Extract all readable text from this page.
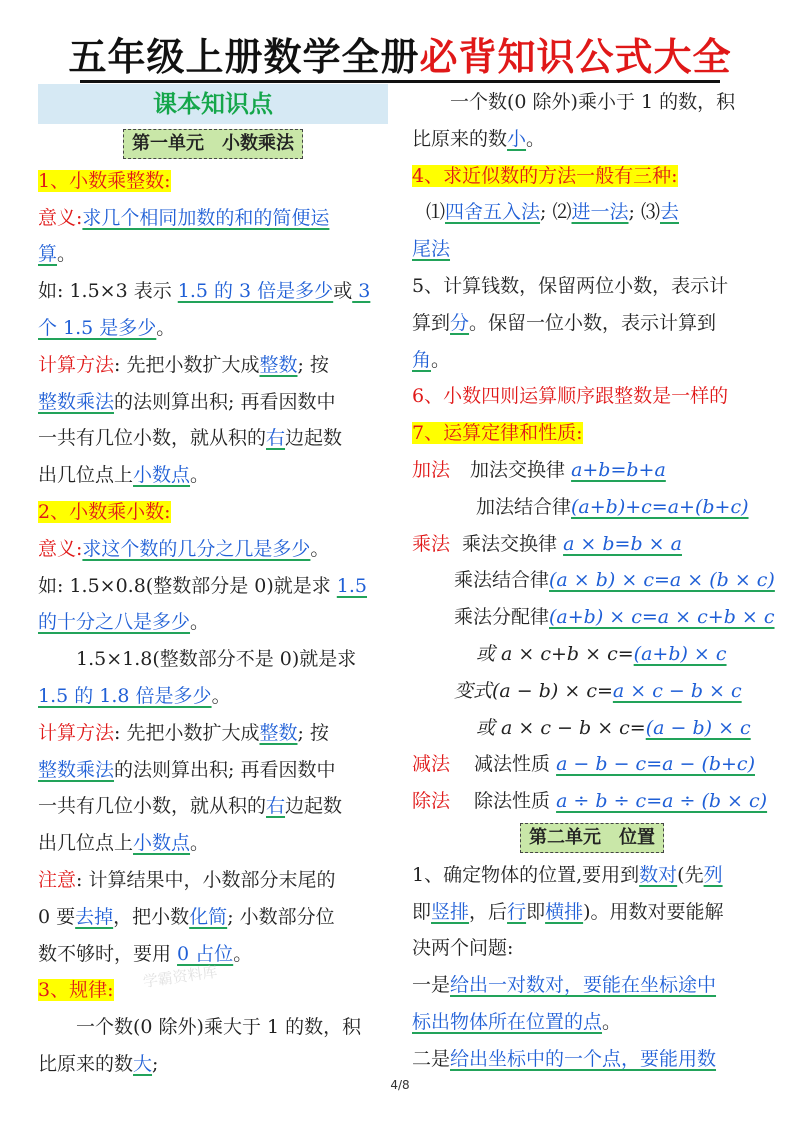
五年级上册数学全册必背知识公式大全
课本知识点
第一单元　小数乘法
1、小数乘整数:
意义:求几个相同加数的和的简便运
算。
如: 1.5×3 表示 1.5 的 3 倍是多少或 3
个 1.5 是多少。
计算方法: 先把小数扩大成整数; 按
整数乘法的法则算出积; 再看因数中
一共有几位小数，就从积的右边起数
出几位点上小数点。
2、小数乘小数:
意义:求这个数的几分之几是多少。
如: 1.5×0.8(整数部分是 0)就是求 1.5
的十分之八是多少。
1.5×1.8(整数部分不是 0)就是求
1.5 的 1.8 倍是多少。
计算方法: 先把小数扩大成整数; 按
整数乘法的法则算出积; 再看因数中
一共有几位小数，就从积的右边起数
出几位点上小数点。
注意: 计算结果中，小数部分末尾的
0 要去掉，把小数化简; 小数部分位
数不够时，要用 0 占位。
3、规律:
一个数(0 除外)乘大于 1 的数，积
比原来的数大;
一个数(0 除外)乘小于 1 的数，积
比原来的数小。
4、求近似数的方法一般有三种:
⑴四舍五入法; ⑵进一法; ⑶去
尾法
5、计算钱数，保留两位小数，表示计
算到分。保留一位小数，表示计算到
角。
6、小数四则运算顺序跟整数是一样的
7、运算定律和性质:
加法 加法交换律 a+b=b+a
加法结合律(a+b)+c=a+(b+c)
乘法 乘法交换律 a × b=b × a
乘法结合律(a × b) × c=a × (b × c)
乘法分配律(a+b) × c=a × c+b × c
或 a × c+b × c=(a+b) × c
变式(a − b) × c=a × c − b × c
或 a × c − b × c=(a − b) × c
减法 减法性质 a − b − c=a − (b+c)
除法 除法性质 a ÷ b ÷ c=a ÷ (b × c)
第二单元　位置
1、确定物体的位置,要用到数对(先列
即竖排，后行即横排)。用数对要能解
决两个问题:
一是给出一对数对，要能在坐标途中
标出物体所在位置的点。
二是给出坐标中的一个点，要能用数
学霸资料库
4/8
